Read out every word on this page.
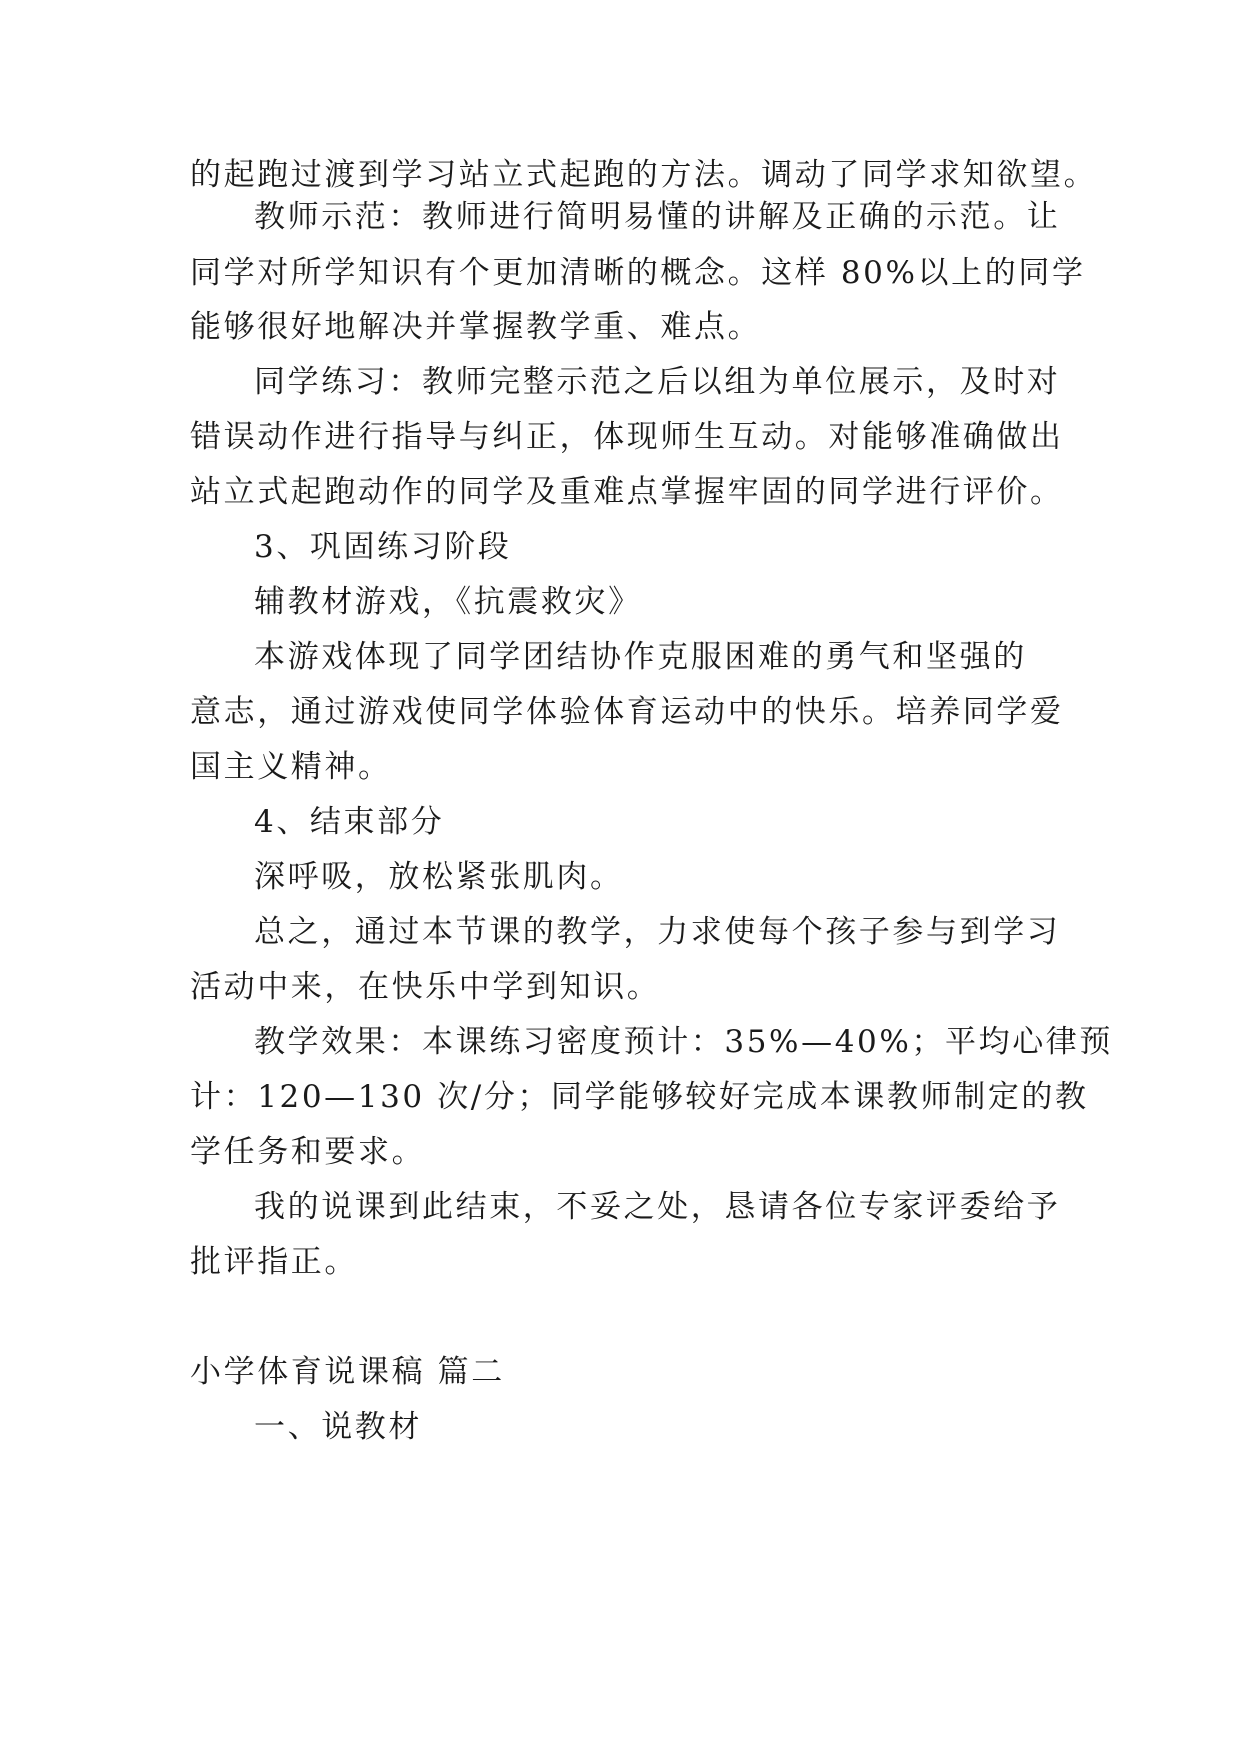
的起跑过渡到学习站立式起跑的方法。调动了同学求知欲望。
教师示范：教师进行简明易懂的讲解及正确的示范。让
同学对所学知识有个更加清晰的概念。这样 80%以上的同学
能够很好地解决并掌握教学重、难点。
同学练习：教师完整示范之后以组为单位展示，及时对
错误动作进行指导与纠正，体现师生互动。对能够准确做出
站立式起跑动作的同学及重难点掌握牢固的同学进行评价。
3、巩固练习阶段
辅教材游戏，《抗震救灾》
本游戏体现了同学团结协作克服困难的勇气和坚强的
意志，通过游戏使同学体验体育运动中的快乐。培养同学爱
国主义精神。
4、结束部分
深呼吸，放松紧张肌肉。
总之，通过本节课的教学，力求使每个孩子参与到学习
活动中来，在快乐中学到知识。
教学效果：本课练习密度预计：35%—40%；平均心律预
计：120—130 次/分；同学能够较好完成本课教师制定的教
学任务和要求。
我的说课到此结束，不妥之处，恳请各位专家评委给予
批评指正。
小学体育说课稿 篇二
一、说教材
